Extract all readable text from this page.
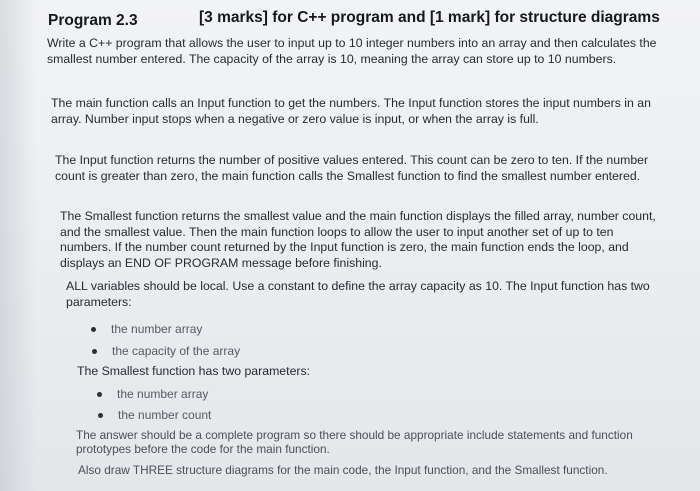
Program 2.3	[3 marks] for C++ program and [1 mark] for structure diagrams
Write a C++ program that allows the user to input up to 10 integer numbers into an array and then calculates the smallest number entered. The capacity of the array is 10, meaning the array can store up to 10 numbers.
The main function calls an Input function to get the numbers. The Input function stores the input numbers in an array. Number input stops when a negative or zero value is input, or when the array is full.
The Input function returns the number of positive values entered. This count can be zero to ten. If the number count is greater than zero, the main function calls the Smallest function to find the smallest number entered.
The Smallest function returns the smallest value and the main function displays the filled array, number count, and the smallest value. Then the main function loops to allow the user to input another set of up to ten numbers. If the number count returned by the Input function is zero, the main function ends the loop, and displays an END OF PROGRAM message before finishing.
ALL variables should be local. Use a constant to define the array capacity as 10. The Input function has two parameters:
the number array
the capacity of the array
The Smallest function has two parameters:
the number array
the number count
The answer should be a complete program so there should be appropriate include statements and function prototypes before the code for the main function.
Also draw THREE structure diagrams for the main code, the Input function, and the Smallest function.
